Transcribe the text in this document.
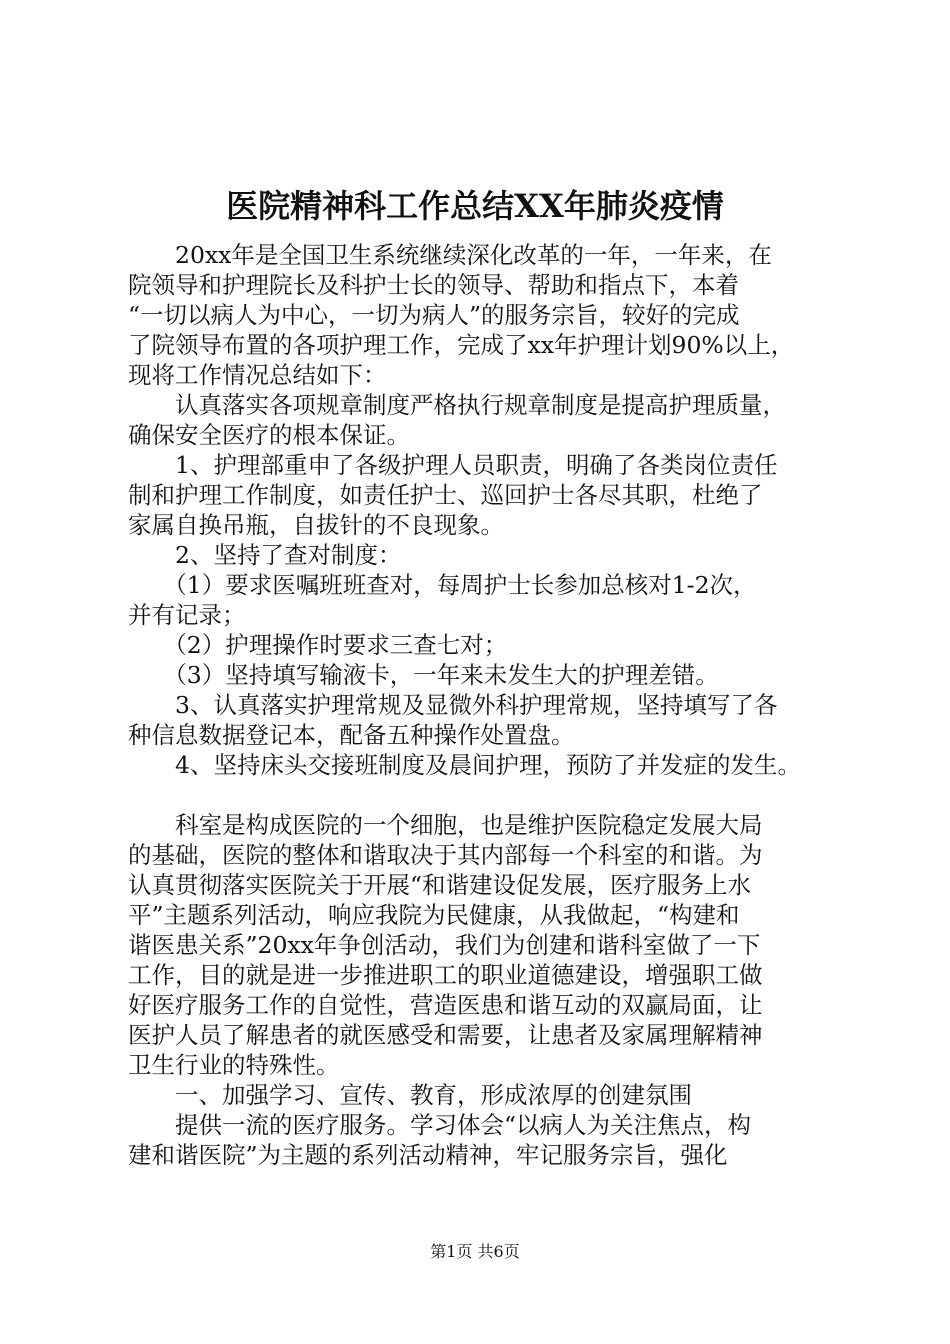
医院精神科工作总结XX年肺炎疫情
　　20xx年是全国卫生系统继续深化改革的一年，一年来，在
院领导和护理院长及科护士长的领导、帮助和指点下，本着
“一切以病人为中心，一切为病人”的服务宗旨，较好的完成
了院领导布置的各项护理工作，完成了xx年护理计划90%以上，
现将工作情况总结如下：
　　认真落实各项规章制度严格执行规章制度是提高护理质量，
确保安全医疗的根本保证。
　　1、护理部重申了各级护理人员职责，明确了各类岗位责任
制和护理工作制度，如责任护士、巡回护士各尽其职，杜绝了
家属自换吊瓶，自拔针的不良现象。
　　2、坚持了查对制度：
　　（1）要求医嘱班班查对，每周护士长参加总核对1-2次，
并有记录；
　　（2）护理操作时要求三查七对；
　　（3）坚持填写输液卡，一年来未发生大的护理差错。
　　3、认真落实护理常规及显微外科护理常规，坚持填写了各
种信息数据登记本，配备五种操作处置盘。
　　4、坚持床头交接班制度及晨间护理，预防了并发症的发生。
　　科室是构成医院的一个细胞，也是维护医院稳定发展大局
的基础，医院的整体和谐取决于其内部每一个科室的和谐。为
认真贯彻落实医院关于开展“和谐建设促发展，医疗服务上水
平”主题系列活动，响应我院为民健康，从我做起，“构建和
谐医患关系”20xx年争创活动，我们为创建和谐科室做了一下
工作，目的就是进一步推进职工的职业道德建设，增强职工做
好医疗服务工作的自觉性，营造医患和谐互动的双赢局面，让
医护人员了解患者的就医感受和需要，让患者及家属理解精神
卫生行业的特殊性。
　　一、加强学习、宣传、教育，形成浓厚的创建氛围
　　提供一流的医疗服务。学习体会“以病人为关注焦点，构
建和谐医院”为主题的系列活动精神，牢记服务宗旨，强化
第1页 共6页
